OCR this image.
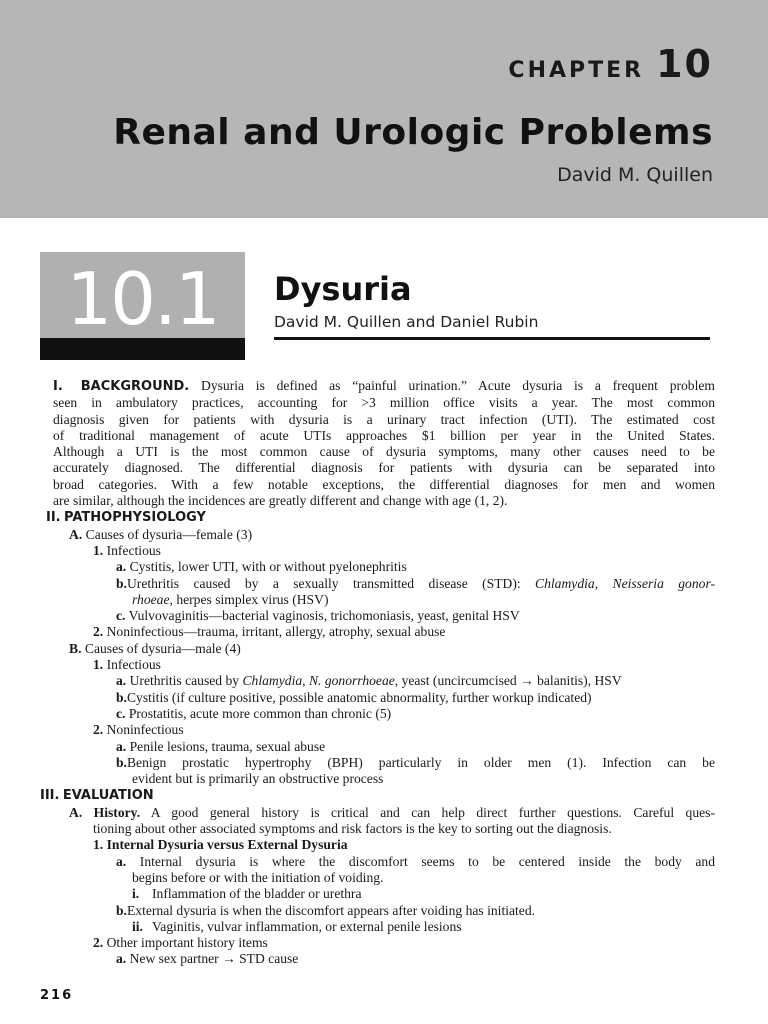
CHAPTER 10
Renal and Urologic Problems
David M. Quillen
10.1	Dysuria
David M. Quillen and Daniel Rubin
I. BACKGROUND. Dysuria is defined as “painful urination.” Acute dysuria is a frequent problem
seen in ambulatory practices, accounting for >3 million office visits a year. The most common
diagnosis given for patients with dysuria is a urinary tract infection (UTI). The estimated cost
of traditional management of acute UTIs approaches $1 billion per year in the United States.
Although a UTI is the most common cause of dysuria symptoms, many other causes need to be
accurately diagnosed. The differential diagnosis for patients with dysuria can be separated into
broad categories. With a few notable exceptions, the differential diagnoses for men and women
are similar, although the incidences are greatly different and change with age (1, 2).
II. PATHOPHYSIOLOGY
A. Causes of dysuria—female (3)
1. Infectious
a. Cystitis, lower UTI, with or without pyelonephritis
b.Urethritis caused by a sexually transmitted disease (STD): Chlamydia, Neisseria gonor-
rhoeae, herpes simplex virus (HSV)
c. Vulvovaginitis—bacterial vaginosis, trichomoniasis, yeast, genital HSV
2. Noninfectious—trauma, irritant, allergy, atrophy, sexual abuse
B. Causes of dysuria—male (4)
1. Infectious
a. Urethritis caused by Chlamydia, N. gonorrhoeae, yeast (uncircumcised → balanitis), HSV
b.Cystitis (if culture positive, possible anatomic abnormality, further workup indicated)
c. Prostatitis, acute more common than chronic (5)
2. Noninfectious
a. Penile lesions, trauma, sexual abuse
b.Benign prostatic hypertrophy (BPH) particularly in older men (1). Infection can be
evident but is primarily an obstructive process
III. EVALUATION
A. History. A good general history is critical and can help direct further questions. Careful ques-
tioning about other associated symptoms and risk factors is the key to sorting out the diagnosis.
1. Internal Dysuria versus External Dysuria
a. Internal dysuria is where the discomfort seems to be centered inside the body and
begins before or with the initiation of voiding.
i. Inflammation of the bladder or urethra
b.External dysuria is when the discomfort appears after voiding has initiated.
ii. Vaginitis, vulvar inflammation, or external penile lesions
2. Other important history items
a. New sex partner → STD cause
216
